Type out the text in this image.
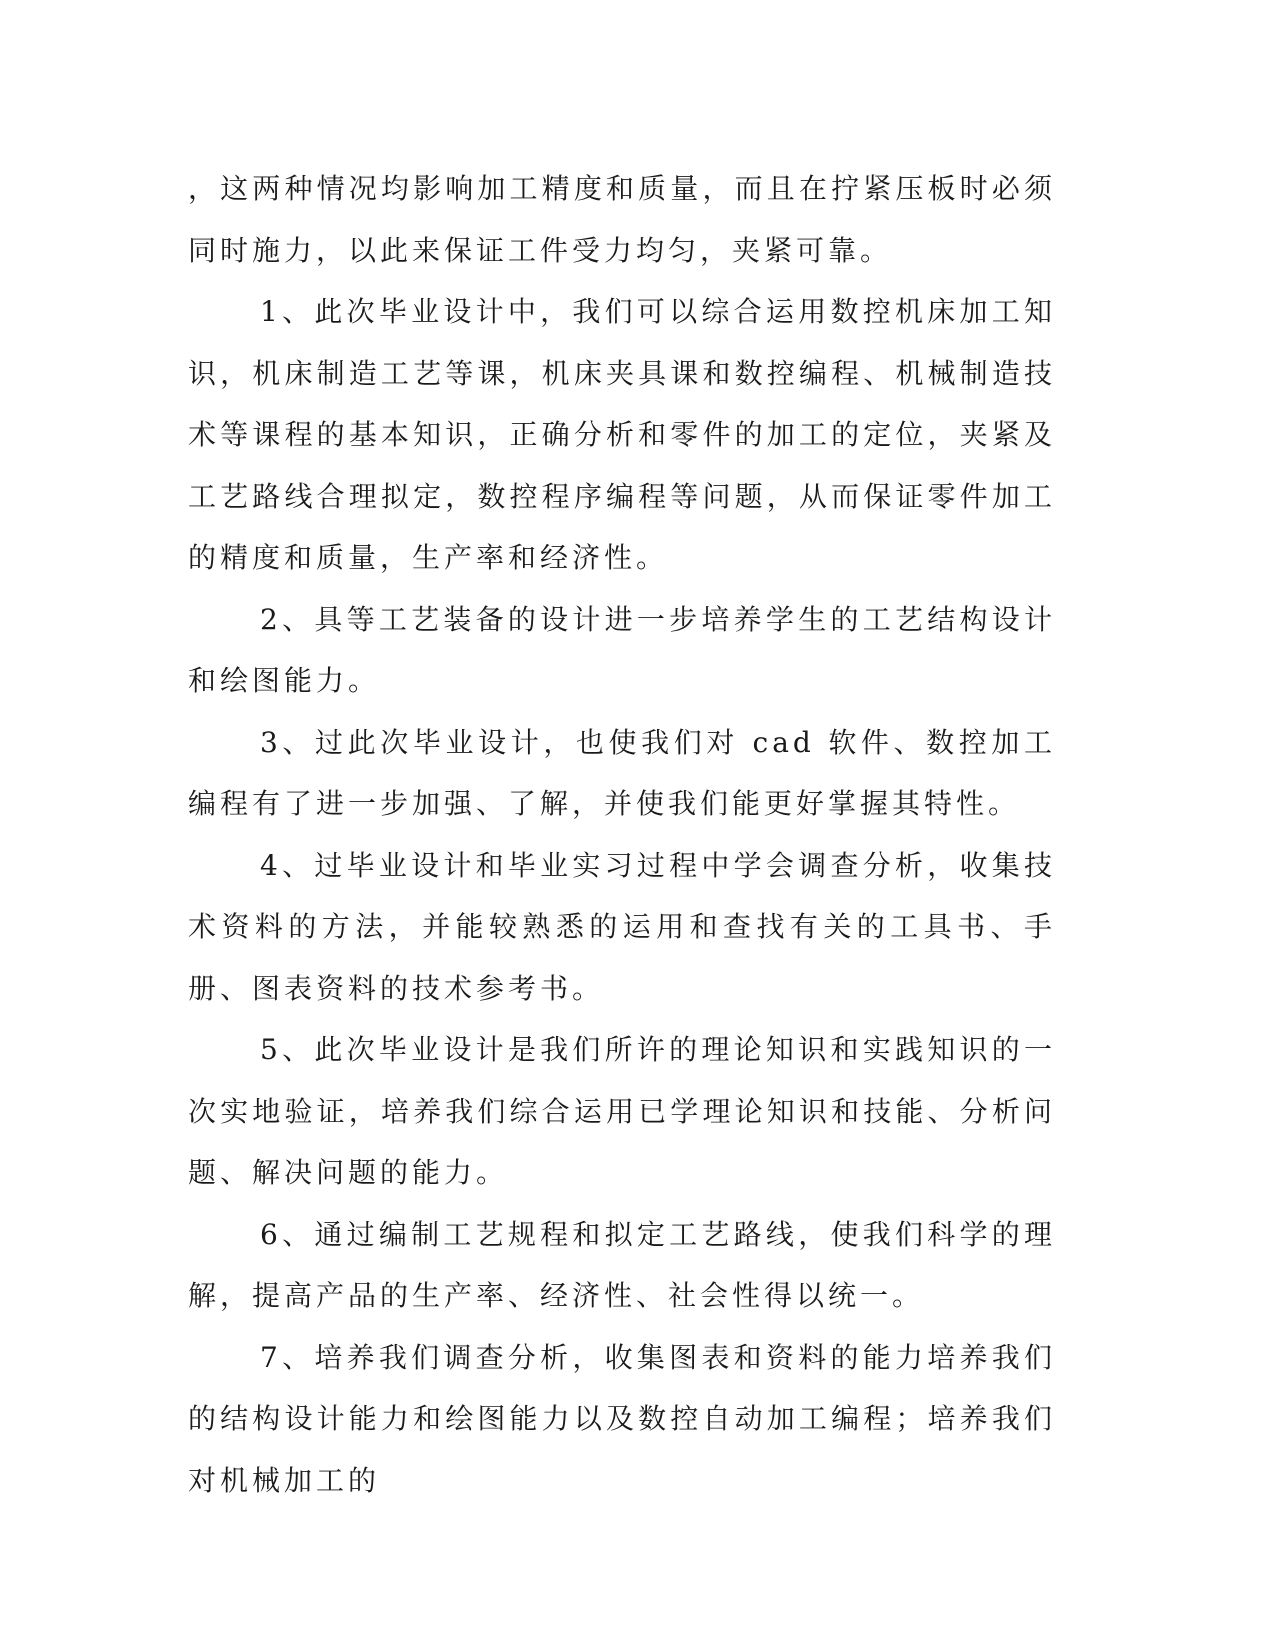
，这两种情况均影响加工精度和质量，而且在拧紧压板时必须同时施力，以此来保证工件受力均匀，夹紧可靠。

1、此次毕业设计中，我们可以综合运用数控机床加工知识，机床制造工艺等课，机床夹具课和数控编程、机械制造技术等课程的基本知识，正确分析和零件的加工的定位，夹紧及工艺路线合理拟定，数控程序编程等问题，从而保证零件加工的精度和质量，生产率和经济性。

2、具等工艺装备的设计进一步培养学生的工艺结构设计和绘图能力。

3、过此次毕业设计，也使我们对 cad 软件、数控加工编程有了进一步加强、了解，并使我们能更好掌握其特性。

4、过毕业设计和毕业实习过程中学会调查分析，收集技术资料的方法，并能较熟悉的运用和查找有关的工具书、手册、图表资料的技术参考书。

5、此次毕业设计是我们所许的理论知识和实践知识的一次实地验证，培养我们综合运用已学理论知识和技能、分析问题、解决问题的能力。

6、通过编制工艺规程和拟定工艺路线，使我们科学的理解，提高产品的生产率、经济性、社会性得以统一。

7、培养我们调查分析，收集图表和资料的能力培养我们的结构设计能力和绘图能力以及数控自动加工编程；培养我们对机械加工的
